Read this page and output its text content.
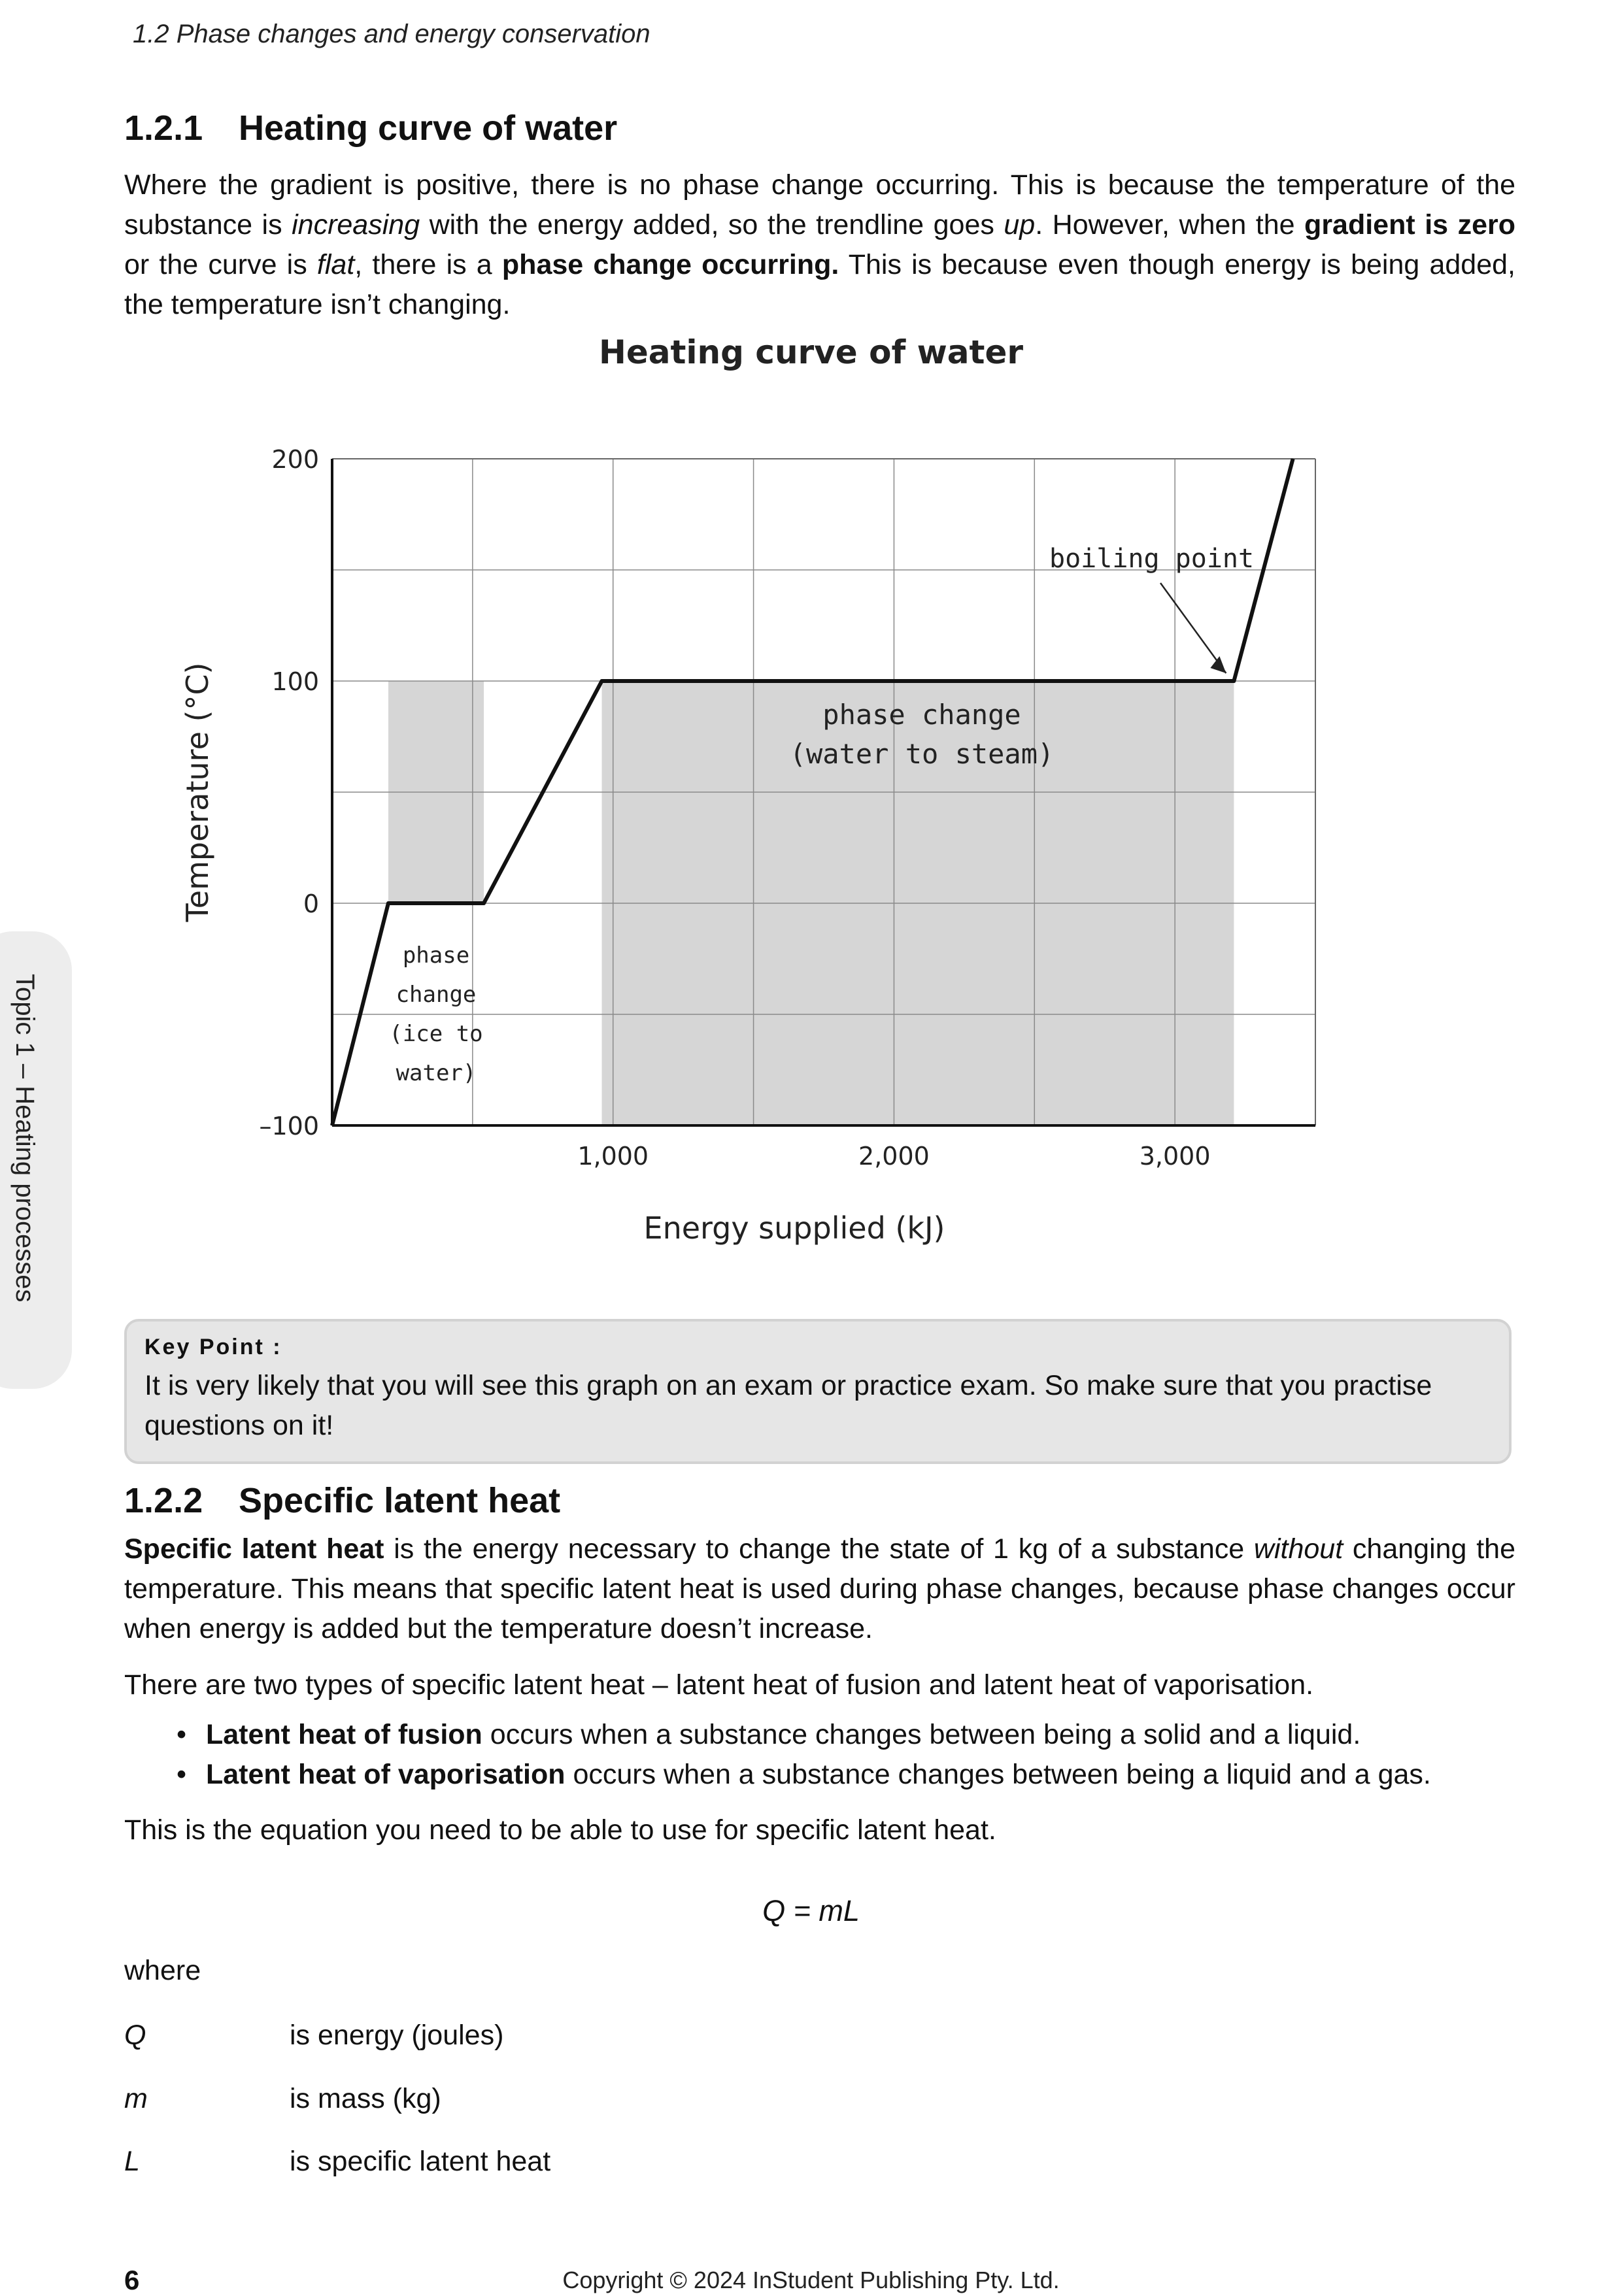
1.2 Phase changes and energy conservation
1.2.1 Heating curve of water
Where the gradient is positive, there is no phase change occurring. This is because the temperature of the substance is increasing with the energy added, so the trendline goes up. However, when the gradient is zero or the curve is flat, there is a phase change occurring. This is because even though energy is being added, the temperature isn’t changing.
Heating curve of water
–100
0
100
200
1,000	2,000	3,000
Energy supplied (kJ)
Temperature (°C)
phase
change
(ice to
water)
phase change
(water to steam)
boiling point
Key Point :
It is very likely that you will see this graph on an exam or practice exam. So make sure that you practise questions on it!
1.2.2 Specific latent heat
Specific latent heat is the energy necessary to change the state of 1 kg of a substance without changing the temperature. This means that specific latent heat is used during phase changes, because phase changes occur when energy is added but the temperature doesn’t increase.
There are two types of specific latent heat – latent heat of fusion and latent heat of vaporisation.
• Latent heat of fusion occurs when a substance changes between being a solid and a liquid.
• Latent heat of vaporisation occurs when a substance changes between being a liquid and a gas.
This is the equation you need to be able to use for specific latent heat.
Q = mL
where
Q	is energy (joules)
m	is mass (kg)
L	is specific latent heat
Topic 1 – Heating processes
6	Copyright © 2024 InStudent Publishing Pty. Ltd.
